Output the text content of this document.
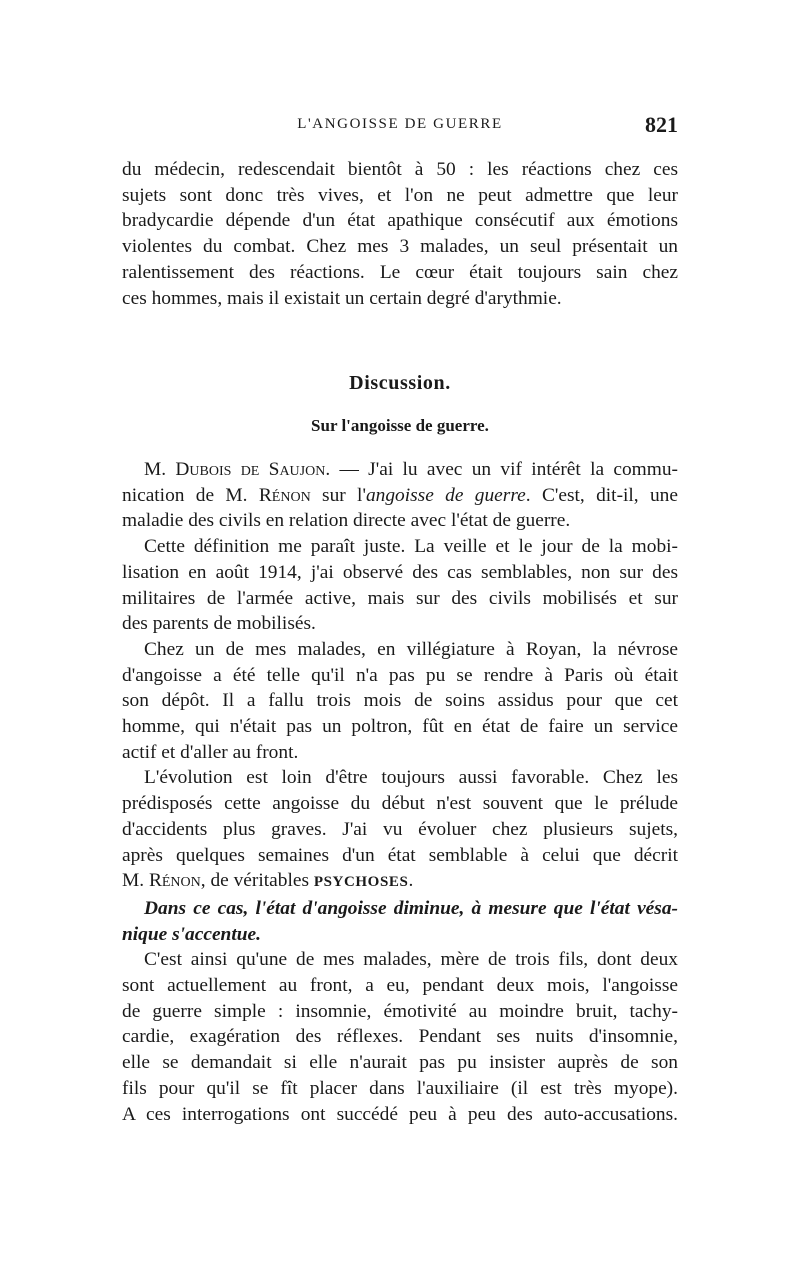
L'ANGOISSE DE GUERRE	821
du médecin, redescendait bientôt à 50 : les réactions chez ces
sujets sont donc très vives, et l'on ne peut admettre que leur
bradycardie dépende d'un état apathique consécutif aux émotions
violentes du combat. Chez mes 3 malades, un seul présentait un
ralentissement des réactions. Le cœur était toujours sain chez
ces hommes, mais il existait un certain degré d'arythmie.
Discussion.
Sur l'angoisse de guerre.
M. Dubois de Saujon. — J'ai lu avec un vif intérêt la commu-
nication de M. Rénon sur l'angoisse de guerre. C'est, dit-il, une
maladie des civils en relation directe avec l'état de guerre.
Cette définition me paraît juste. La veille et le jour de la mobi-
lisation en août 1914, j'ai observé des cas semblables, non sur des
militaires de l'armée active, mais sur des civils mobilisés et sur
des parents de mobilisés.
Chez un de mes malades, en villégiature à Royan, la névrose
d'angoisse a été telle qu'il n'a pas pu se rendre à Paris où était
son dépôt. Il a fallu trois mois de soins assidus pour que cet
homme, qui n'était pas un poltron, fût en état de faire un service
actif et d'aller au front.
L'évolution est loin d'être toujours aussi favorable. Chez les
prédisposés cette angoisse du début n'est souvent que le prélude
d'accidents plus graves. J'ai vu évoluer chez plusieurs sujets,
après quelques semaines d'un état semblable à celui que décrit
M. Rénon, de véritables PSYCHOSES.
Dans ce cas, l'état d'angoisse diminue, à mesure que l'état vésa-
nique s'accentue.
C'est ainsi qu'une de mes malades, mère de trois fils, dont deux
sont actuellement au front, a eu, pendant deux mois, l'angoisse
de guerre simple : insomnie, émotivité au moindre bruit, tachy-
cardie, exagération des réflexes. Pendant ses nuits d'insomnie,
elle se demandait si elle n'aurait pas pu insister auprès de son
fils pour qu'il se fît placer dans l'auxiliaire (il est très myope).
A ces interrogations ont succédé peu à peu des auto-accusations.
